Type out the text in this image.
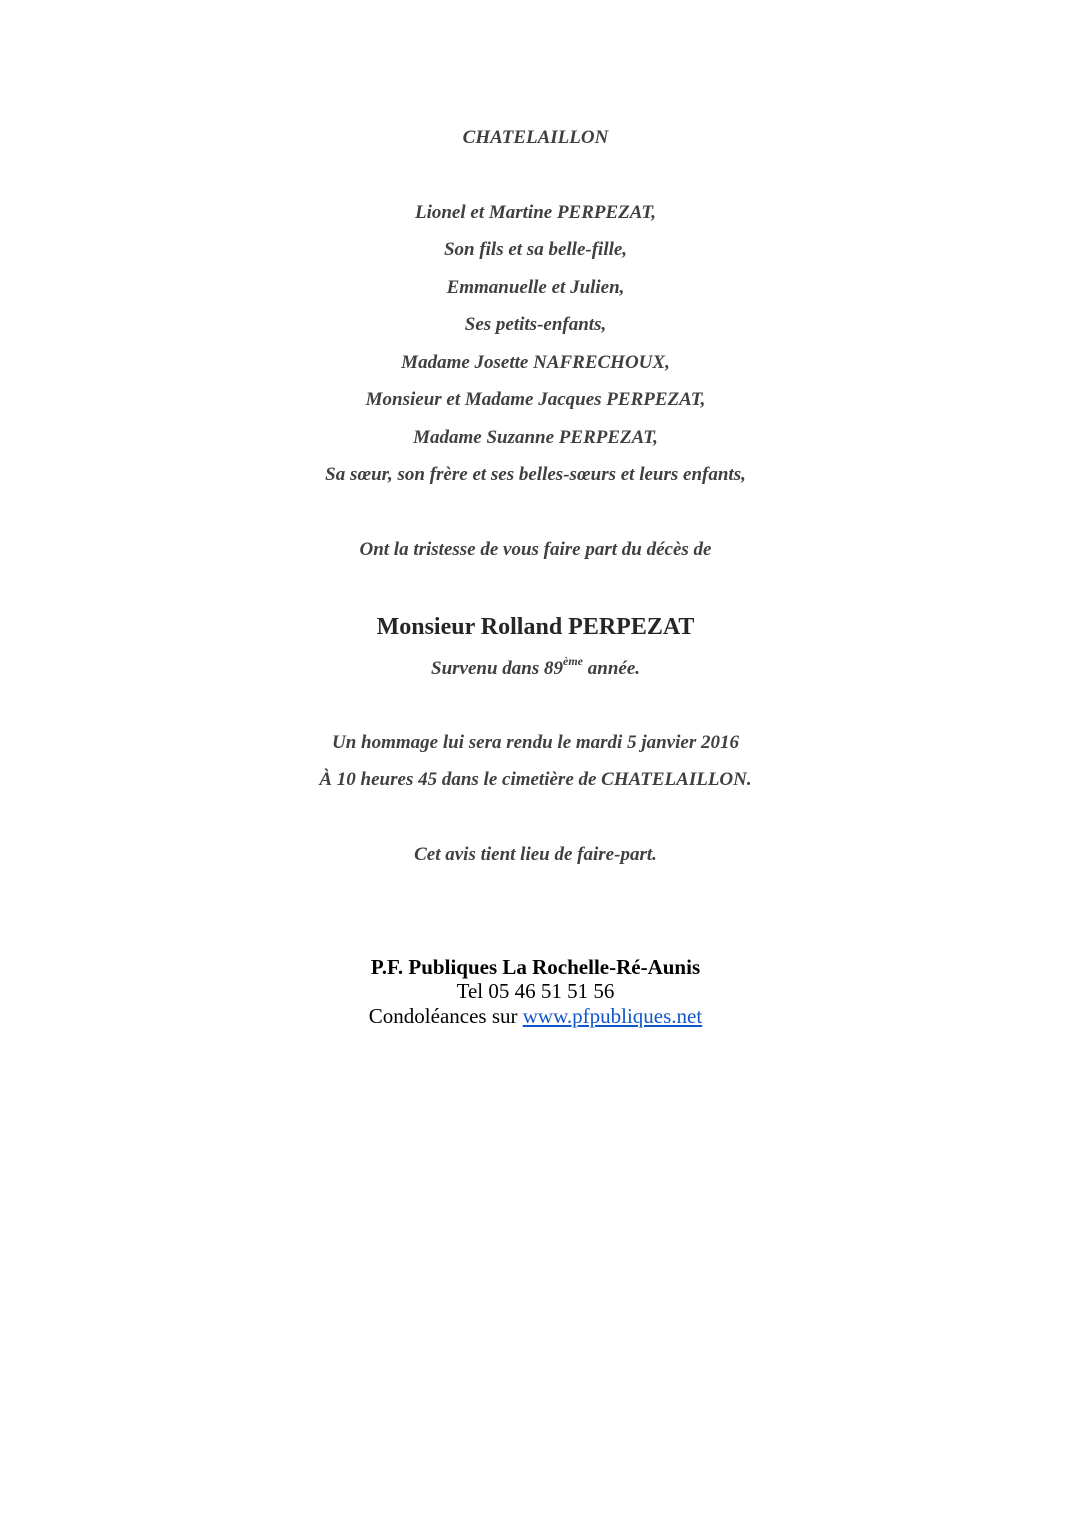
CHATELAILLON
Lionel et Martine PERPEZAT,
Son fils et sa belle-fille,
Emmanuelle et Julien,
Ses petits-enfants,
Madame Josette NAFRECHOUX,
Monsieur et Madame Jacques PERPEZAT,
Madame Suzanne PERPEZAT,
Sa sœur, son frère et ses belles-sœurs et leurs enfants,
Ont la tristesse de vous faire part du décès de
Monsieur Rolland PERPEZAT
Survenu dans 89ème année.
Un hommage lui sera rendu le mardi 5 janvier 2016
À 10 heures 45 dans le cimetière de CHATELAILLON.
Cet avis tient lieu de faire-part.
P.F. Publiques La Rochelle-Ré-Aunis
Tel 05 46 51 51 56
Condoléances sur www.pfpubliques.net
